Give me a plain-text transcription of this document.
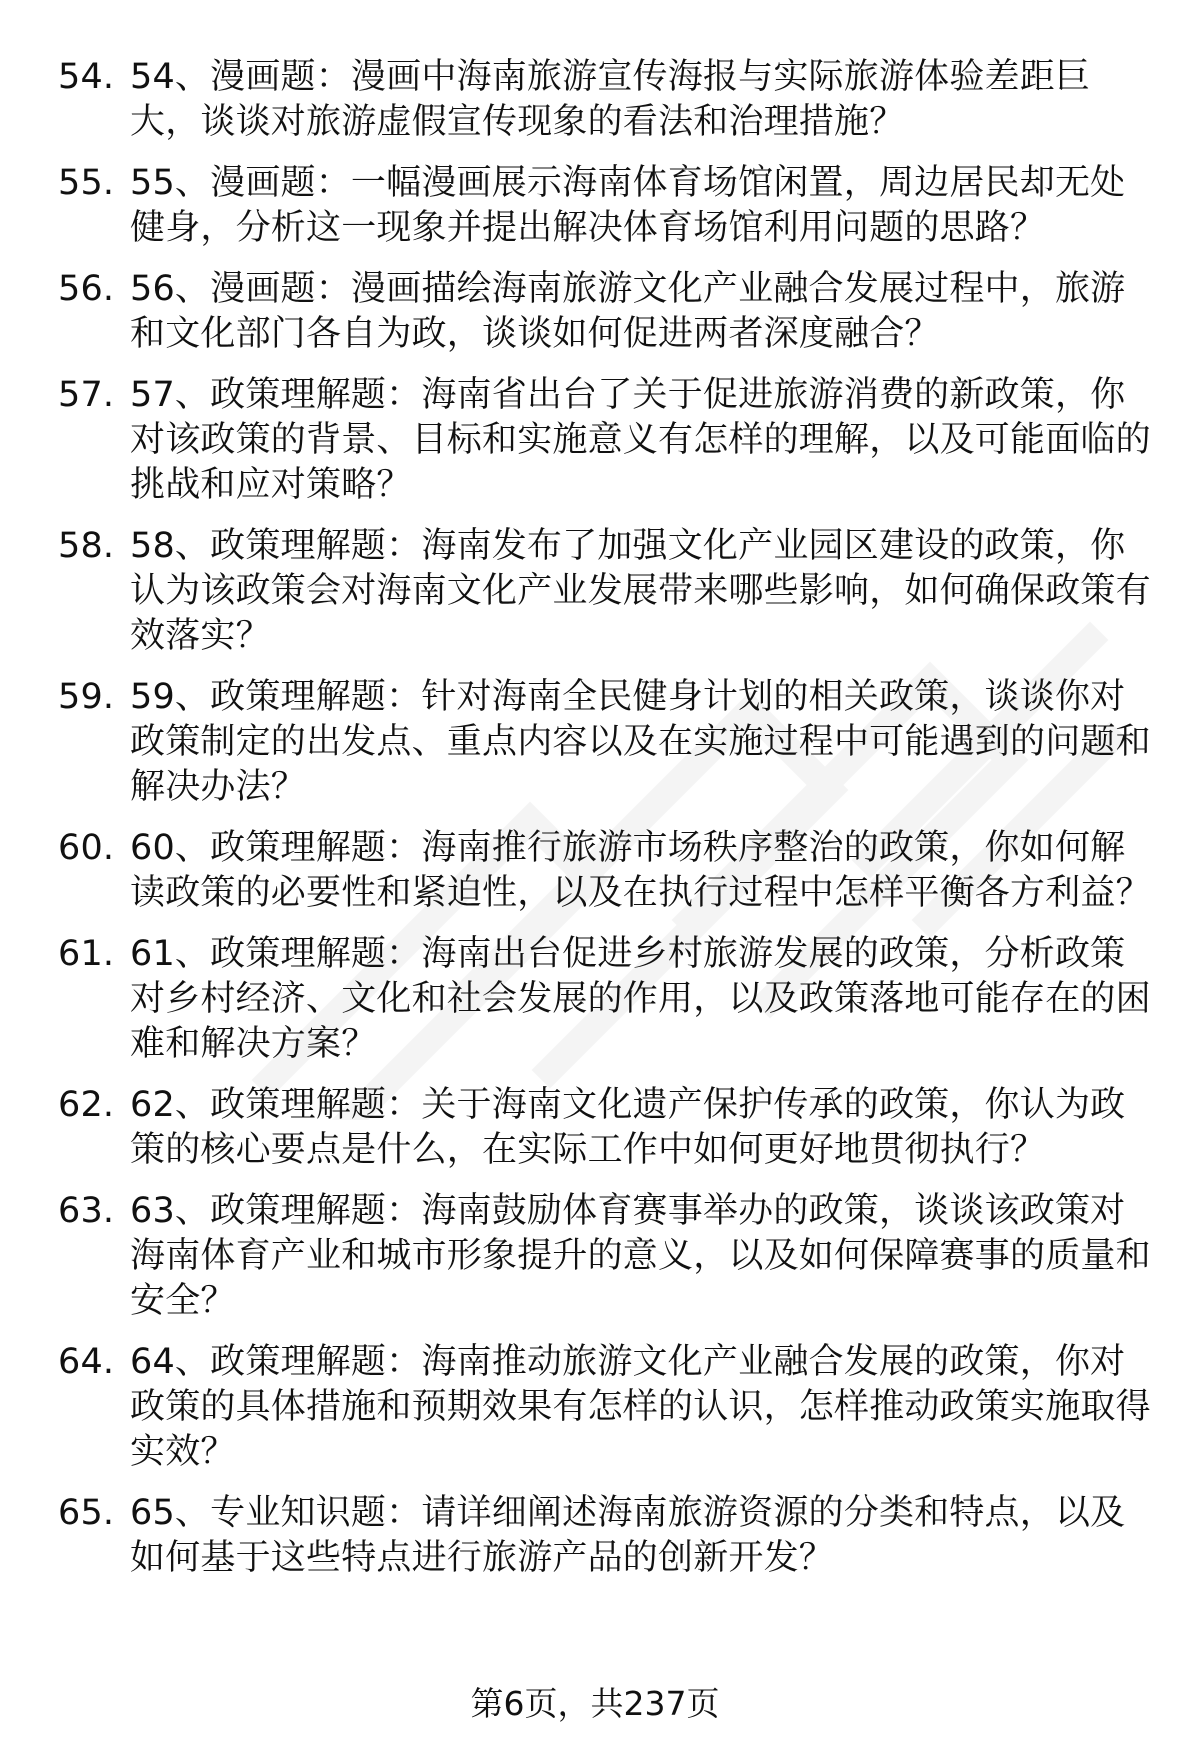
54. 54、漫画题：漫画中海南旅游宣传海报与实际旅游体验差距巨大，谈谈对旅游虚假宣传现象的看法和治理措施？
55. 55、漫画题：一幅漫画展示海南体育场馆闲置，周边居民却无处健身，分析这一现象并提出解决体育场馆利用问题的思路？
56. 56、漫画题：漫画描绘海南旅游文化产业融合发展过程中，旅游和文化部门各自为政，谈谈如何促进两者深度融合？
57. 57、政策理解题：海南省出台了关于促进旅游消费的新政策，你对该政策的背景、目标和实施意义有怎样的理解，以及可能面临的挑战和应对策略？
58. 58、政策理解题：海南发布了加强文化产业园区建设的政策，你认为该政策会对海南文化产业发展带来哪些影响，如何确保政策有效落实？
59. 59、政策理解题：针对海南全民健身计划的相关政策，谈谈你对政策制定的出发点、重点内容以及在实施过程中可能遇到的问题和解决办法？
60. 60、政策理解题：海南推行旅游市场秩序整治的政策，你如何解读政策的必要性和紧迫性，以及在执行过程中怎样平衡各方利益？
61. 61、政策理解题：海南出台促进乡村旅游发展的政策，分析政策对乡村经济、文化和社会发展的作用，以及政策落地可能存在的困难和解决方案？
62. 62、政策理解题：关于海南文化遗产保护传承的政策，你认为政策的核心要点是什么，在实际工作中如何更好地贯彻执行？
63. 63、政策理解题：海南鼓励体育赛事举办的政策，谈谈该政策对海南体育产业和城市形象提升的意义，以及如何保障赛事的质量和安全？
64. 64、政策理解题：海南推动旅游文化产业融合发展的政策，你对政策的具体措施和预期效果有怎样的认识，怎样推动政策实施取得实效？
65. 65、专业知识题：请详细阐述海南旅游资源的分类和特点，以及如何基于这些特点进行旅游产品的创新开发？
第6页，共237页
